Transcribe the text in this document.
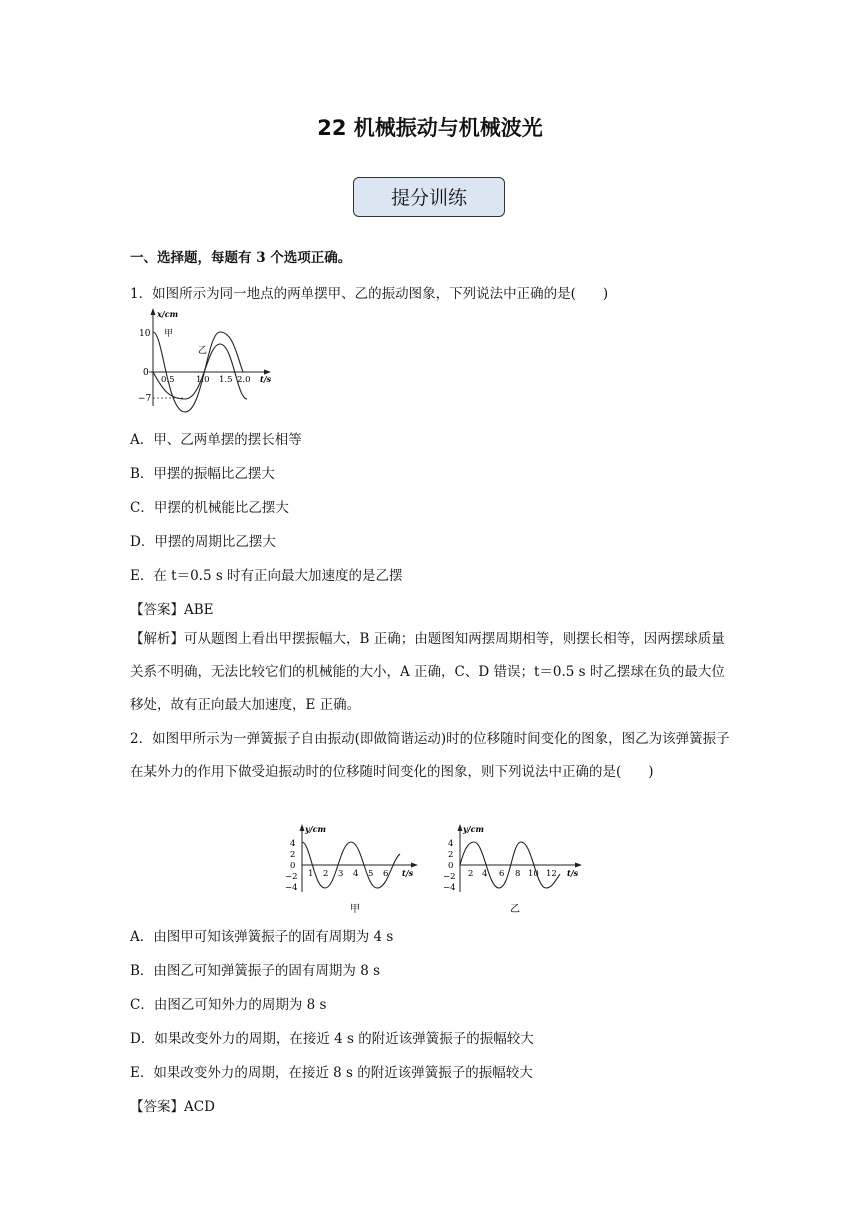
22 机械振动与机械波光
提分训练
一、选择题，每题有 3 个选项正确。
1．如图所示为同一地点的两单摆甲、乙的振动图象，下列说法中正确的是(　　)
x/cm
t/s
10
0
−7
0.5	1.0 1.5 2.0
甲
乙
A．甲、乙两单摆的摆长相等
B．甲摆的振幅比乙摆大
C．甲摆的机械能比乙摆大
D．甲摆的周期比乙摆大
E．在 t＝0.5 s 时有正向最大加速度的是乙摆
【答案】ABE
【解析】可从题图上看出甲摆振幅大，B 正确；由题图知两摆周期相等，则摆长相等，因两摆球质量关系不明确，无法比较它们的机械能的大小，A 正确，C、D 错误；t＝0.5 s 时乙摆球在负的最大位移处，故有正向最大加速度，E 正确。
2．如图甲所示为一弹簧振子自由振动(即做简谐运动)时的位移随时间变化的图象，图乙为该弹簧振子在某外力的作用下做受迫振动时的位移随时间变化的图象，则下列说法中正确的是(　　)
y/cm
t/s
4
2
0
−2
−4
1 2 3 4 5 6
甲
y/cm
t/s
4
2
0
−2
−4
2 4 6 8 10 12
乙
A．由图甲可知该弹簧振子的固有周期为 4 s
B．由图乙可知弹簧振子的固有周期为 8 s
C．由图乙可知外力的周期为 8 s
D．如果改变外力的周期，在接近 4 s 的附近该弹簧振子的振幅较大
E．如果改变外力的周期，在接近 8 s 的附近该弹簧振子的振幅较大
【答案】ACD
